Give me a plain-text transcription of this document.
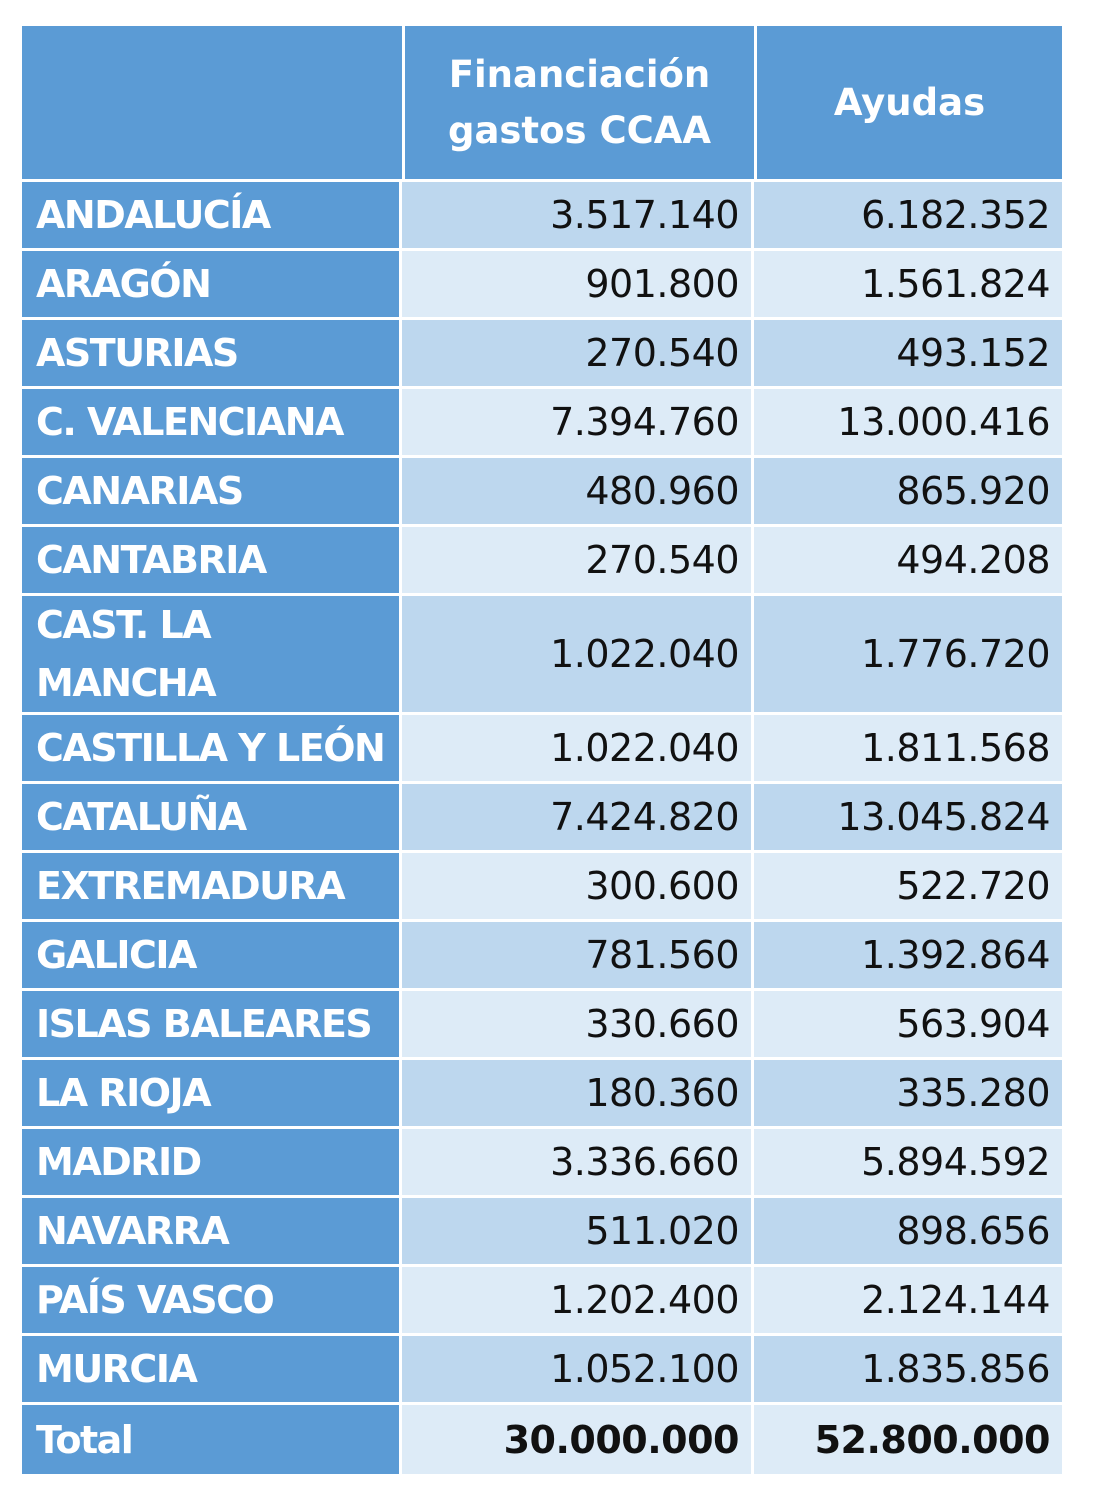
	Financiación gastos CCAA	Ayudas
ANDALUCÍA	3.517.140	6.182.352
ARAGÓN	901.800	1.561.824
ASTURIAS	270.540	493.152
C. VALENCIANA	7.394.760	13.000.416
CANARIAS	480.960	865.920
CANTABRIA	270.540	494.208
CAST. LA MANCHA	1.022.040	1.776.720
CASTILLA Y LEÓN	1.022.040	1.811.568
CATALUÑA	7.424.820	13.045.824
EXTREMADURA	300.600	522.720
GALICIA	781.560	1.392.864
ISLAS BALEARES	330.660	563.904
LA RIOJA	180.360	335.280
MADRID	3.336.660	5.894.592
NAVARRA	511.020	898.656
PAÍS VASCO	1.202.400	2.124.144
MURCIA	1.052.100	1.835.856
Total	30.000.000	52.800.000
